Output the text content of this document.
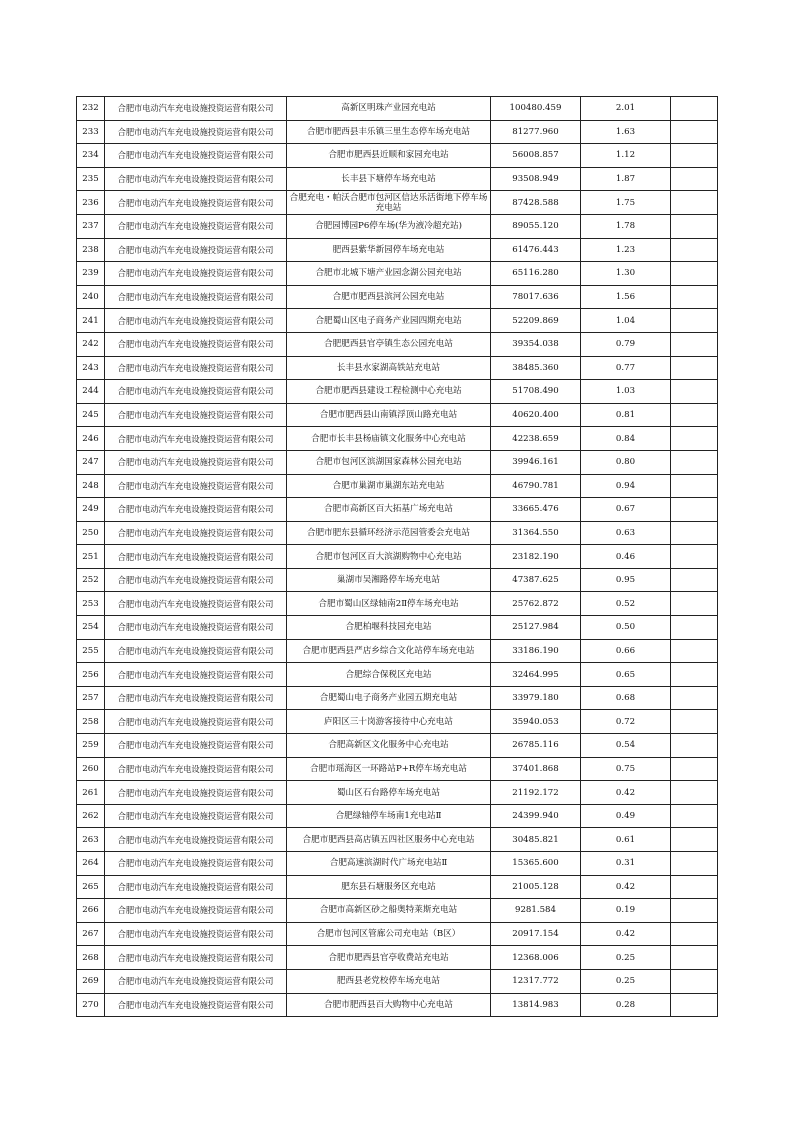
232	合肥市电动汽车充电设施投资运营有限公司	高新区明珠产业园充电站	100480.459	2.01	
233	合肥市电动汽车充电设施投资运营有限公司	合肥市肥西县丰乐镇三里生态停车场充电站	81277.960	1.63	
234	合肥市电动汽车充电设施投资运营有限公司	合肥市肥西县近顺和家园充电站	56008.857	1.12	
235	合肥市电动汽车充电设施投资运营有限公司	长丰县下塘停车场充电站	93508.949	1.87	
236	合肥市电动汽车充电设施投资运营有限公司	合肥充电・帕沃合肥市包河区信达乐活街地下停车场充电站	87428.588	1.75	
237	合肥市电动汽车充电设施投资运营有限公司	合肥园博园P6停车场(华为液冷超充站)	89055.120	1.78	
238	合肥市电动汽车充电设施投资运营有限公司	肥西县紫华新园停车场充电站	61476.443	1.23	
239	合肥市电动汽车充电设施投资运营有限公司	合肥市北城下塘产业园念湖公园充电站	65116.280	1.30	
240	合肥市电动汽车充电设施投资运营有限公司	合肥市肥西县滨河公园充电站	78017.636	1.56	
241	合肥市电动汽车充电设施投资运营有限公司	合肥蜀山区电子商务产业园四期充电站	52209.869	1.04	
242	合肥市电动汽车充电设施投资运营有限公司	合肥肥西县官亭镇生态公园充电站	39354.038	0.79	
243	合肥市电动汽车充电设施投资运营有限公司	长丰县水家湖高铁站充电站	38485.360	0.77	
244	合肥市电动汽车充电设施投资运营有限公司	合肥市肥西县建设工程检测中心充电站	51708.490	1.03	
245	合肥市电动汽车充电设施投资运营有限公司	合肥市肥西县山南镇浮顶山路充电站	40620.400	0.81	
246	合肥市电动汽车充电设施投资运营有限公司	合肥市长丰县杨庙镇文化服务中心充电站	42238.659	0.84	
247	合肥市电动汽车充电设施投资运营有限公司	合肥市包河区滨湖国家森林公园充电站	39946.161	0.80	
248	合肥市电动汽车充电设施投资运营有限公司	合肥市巢湖市巢湖东站充电站	46790.781	0.94	
249	合肥市电动汽车充电设施投资运营有限公司	合肥市高新区百大拓基广场充电站	33665.476	0.67	
250	合肥市电动汽车充电设施投资运营有限公司	合肥市肥东县循环经济示范园管委会充电站	31364.550	0.63	
251	合肥市电动汽车充电设施投资运营有限公司	合肥市包河区百大滨湖购物中心充电站	23182.190	0.46	
252	合肥市电动汽车充电设施投资运营有限公司	巢湖市吴湘路停车场充电站	47387.625	0.95	
253	合肥市电动汽车充电设施投资运营有限公司	合肥市蜀山区绿轴南2Ⅱ停车场充电站	25762.872	0.52	
254	合肥市电动汽车充电设施投资运营有限公司	合肥柏堰科技园充电站	25127.984	0.50	
255	合肥市电动汽车充电设施投资运营有限公司	合肥市肥西县严店乡综合文化站停车场充电站	33186.190	0.66	
256	合肥市电动汽车充电设施投资运营有限公司	合肥综合保税区充电站	32464.995	0.65	
257	合肥市电动汽车充电设施投资运营有限公司	合肥蜀山电子商务产业园五期充电站	33979.180	0.68	
258	合肥市电动汽车充电设施投资运营有限公司	庐阳区三十岗游客接待中心充电站	35940.053	0.72	
259	合肥市电动汽车充电设施投资运营有限公司	合肥高新区文化服务中心充电站	26785.116	0.54	
260	合肥市电动汽车充电设施投资运营有限公司	合肥市瑶海区一环路站P+R停车场充电站	37401.868	0.75	
261	合肥市电动汽车充电设施投资运营有限公司	蜀山区石台路停车场充电站	21192.172	0.42	
262	合肥市电动汽车充电设施投资运营有限公司	合肥绿轴停车场南1充电站Ⅱ	24399.940	0.49	
263	合肥市电动汽车充电设施投资运营有限公司	合肥市肥西县高店镇五四社区服务中心充电站	30485.821	0.61	
264	合肥市电动汽车充电设施投资运营有限公司	合肥高速滨湖时代广场充电站Ⅱ	15365.600	0.31	
265	合肥市电动汽车充电设施投资运营有限公司	肥东县石塘服务区充电站	21005.128	0.42	
266	合肥市电动汽车充电设施投资运营有限公司	合肥市高新区砂之船奥特莱斯充电站	9281.584	0.19	
267	合肥市电动汽车充电设施投资运营有限公司	合肥市包河区管廊公司充电站（B区）	20917.154	0.42	
268	合肥市电动汽车充电设施投资运营有限公司	合肥市肥西县官亭收费站充电站	12368.006	0.25	
269	合肥市电动汽车充电设施投资运营有限公司	肥西县老党校停车场充电站	12317.772	0.25	
270	合肥市电动汽车充电设施投资运营有限公司	合肥市肥西县百大购物中心充电站	13814.983	0.28	
